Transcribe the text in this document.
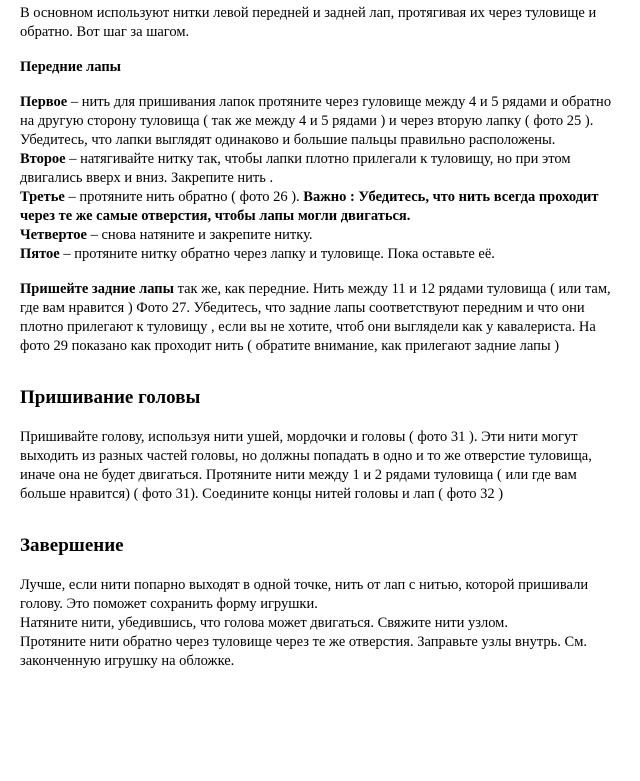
В основном используют нитки левой передней и задней лап, протягивая их через туловище и обратно. Вот шаг за шагом.

Передние лапы

Первое – нить для пришивания лапок протяните через гуловище между 4 и 5 рядами и обратно на другую сторону туловища ( так же между 4 и 5 рядами ) и через вторую лапку ( фото 25 ). Убедитесь, что лапки выглядят одинаково и большие пальцы правильно расположены.
Второе – натягивайте нитку так, чтобы лапки плотно прилегали к туловищу, но при этом двигались вверх и вниз. Закрепите нить .
Третье – протяните нить обратно ( фото 26 ). Важно : Убедитесь, что нить всегда проходит через те же самые отверстия, чтобы лапы могли двигаться.
Четвертое – снова натяните и закрепите нитку.
Пятое – протяните нитку обратно через лапку и туловище. Пока оставьте её.

Пришейте задние лапы так же, как передние. Нить между 11 и 12 рядами туловища ( или там, где вам нравится ) Фото 27. Убедитесь, что задние лапы соответствуют передним и что они плотно прилегают к туловищу , если вы не хотите, чтоб они выглядели как у кавалериста. На фото 29 показано как проходит нить ( обратите внимание, как прилегают задние лапы )

Пришивание головы

Пришивайте голову, используя нити ушей, мордочки и головы ( фото 31 ). Эти нити могут выходить из разных частей головы, но должны попадать в одно и то же отверстие туловища, иначе она не будет двигаться. Протяните нити между 1 и 2 рядами туловища ( или где вам больше нравится) ( фото 31). Соедините концы нитей головы и лап ( фото 32 )

Завершение

Лучше, если нити попарно выходят в одной точке, нить от лап с нитью, которой пришивали голову. Это поможет сохранить форму игрушки.
Натяните нити, убедившись, что голова может двигаться. Свяжите нити узлом.
Протяните нити обратно через туловище через те же отверстия. Заправьте узлы внутрь. См. законченную игрушку на обложке.
